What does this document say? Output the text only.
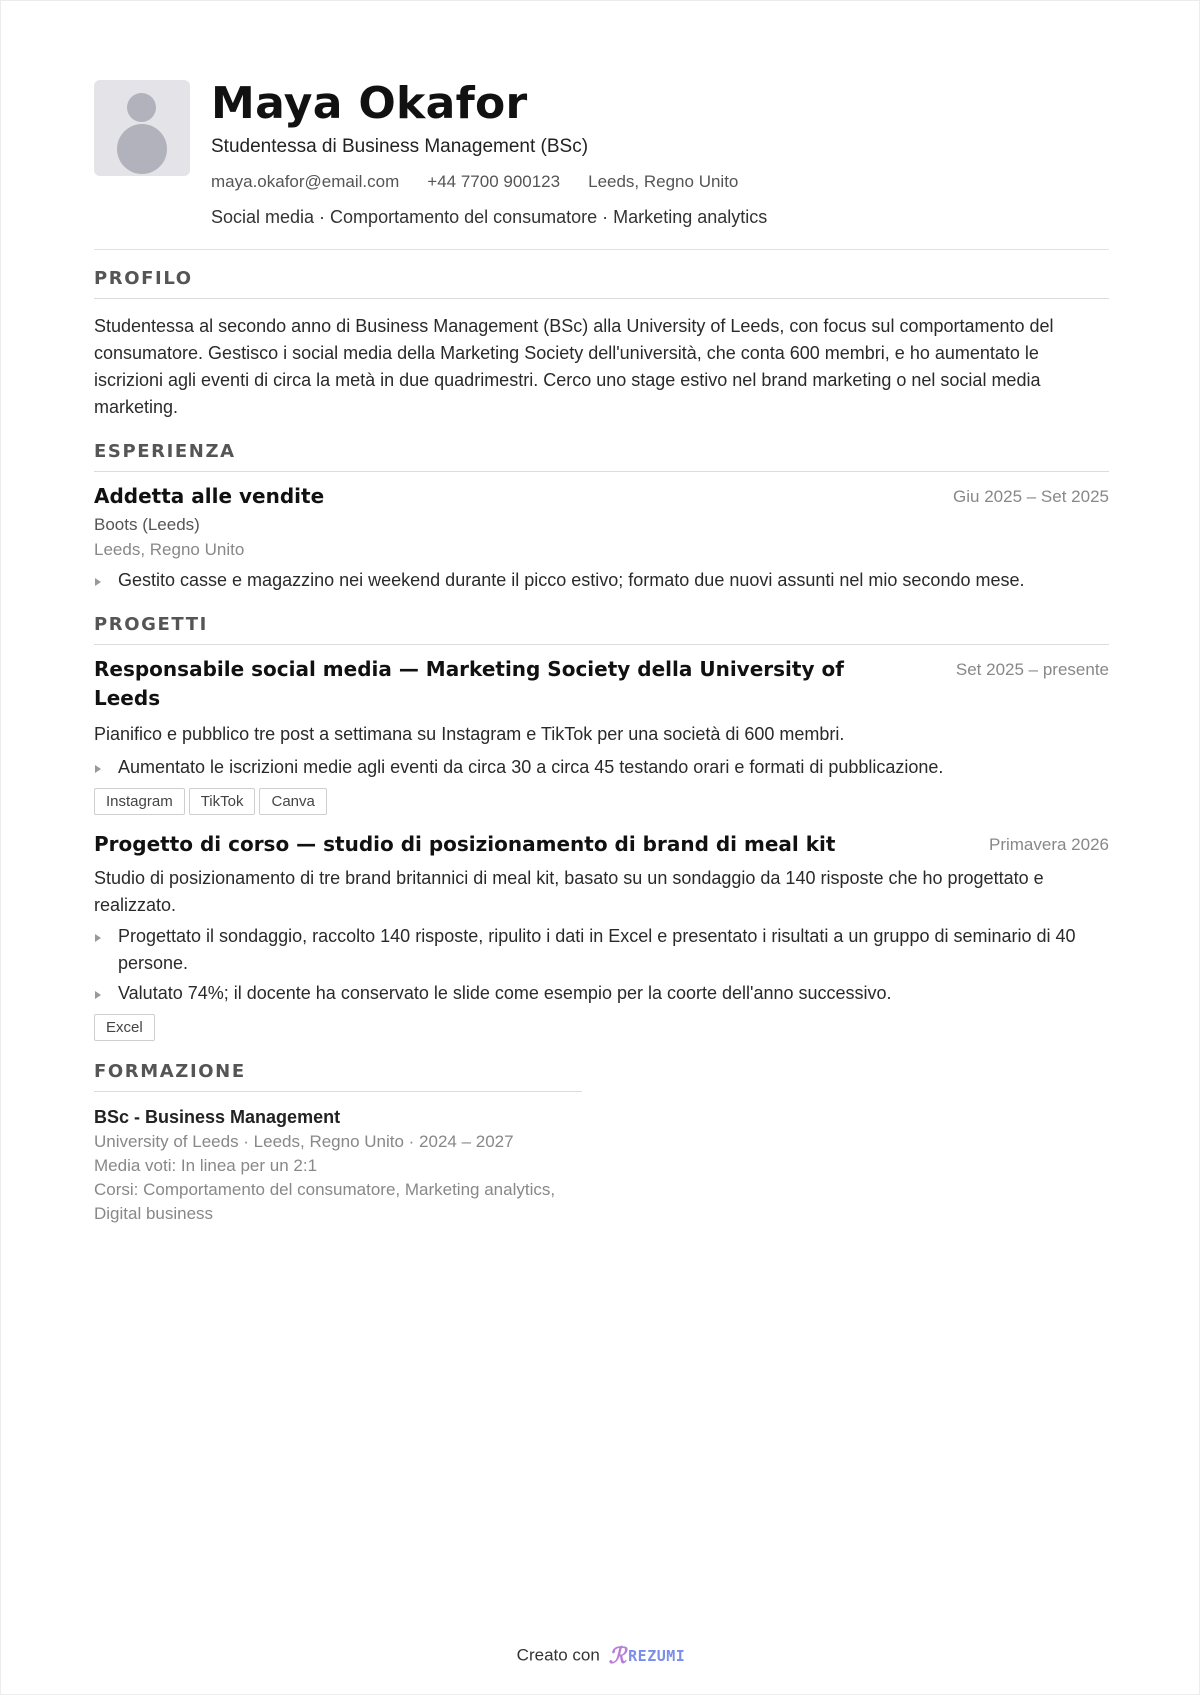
Maya Okafor
Studentessa di Business Management (BSc)
maya.okafor@email.com +44 7700 900123 Leeds, Regno Unito
Social media · Comportamento del consumatore · Marketing analytics
PROFILO
Studentessa al secondo anno di Business Management (BSc) alla University of Leeds, con focus sul comportamento del consumatore. Gestisco i social media della Marketing Society dell'università, che conta 600 membri, e ho aumentato le iscrizioni agli eventi di circa la metà in due quadrimestri. Cerco uno stage estivo nel brand marketing o nel social media marketing.
ESPERIENZA
Addetta alle vendite	Giu 2025 – Set 2025
Boots (Leeds)
Leeds, Regno Unito
Gestito casse e magazzino nei weekend durante il picco estivo; formato due nuovi assunti nel mio secondo mese.
PROGETTI
Responsabile social media — Marketing Society della University of Leeds
Set 2025 – presente
Pianifico e pubblico tre post a settimana su Instagram e TikTok per una società di 600 membri.
Aumentato le iscrizioni medie agli eventi da circa 30 a circa 45 testando orari e formati di pubblicazione.
Instagram	TikTok	Canva
Progetto di corso — studio di posizionamento di brand di meal kit	Primavera 2026
Studio di posizionamento di tre brand britannici di meal kit, basato su un sondaggio da 140 risposte che ho progettato e realizzato.
Progettato il sondaggio, raccolto 140 risposte, ripulito i dati in Excel e presentato i risultati a un gruppo di seminario di 40 persone.
Valutato 74%; il docente ha conservato le slide come esempio per la coorte dell'anno successivo.
Excel
FORMAZIONE
BSc - Business Management
University of Leeds · Leeds, Regno Unito · 2024 – 2027
Media voti: In linea per un 2:1
Corsi: Comportamento del consumatore, Marketing analytics, Digital business
Creato con ℛ REZUMI
